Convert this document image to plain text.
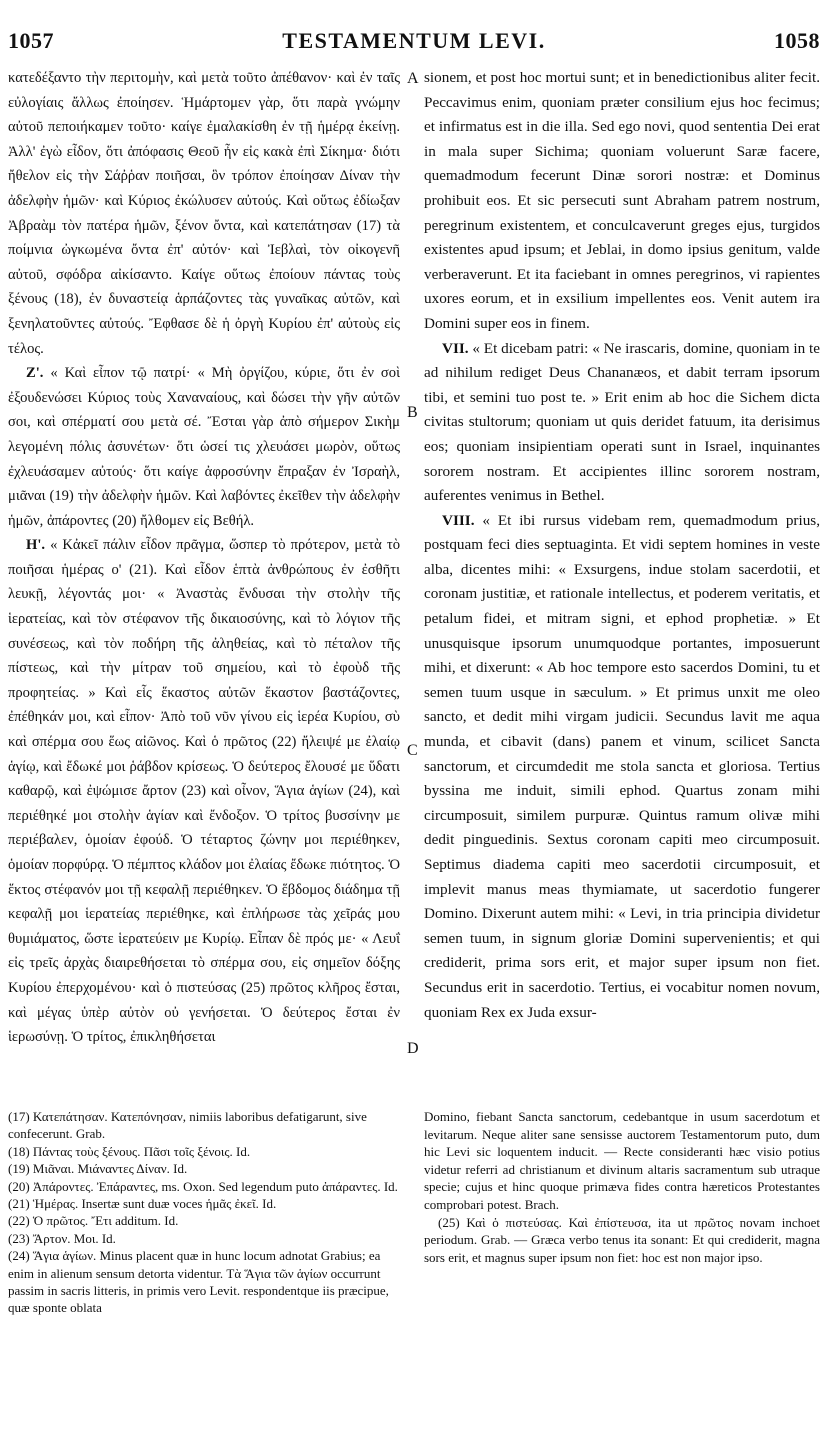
1057	TESTAMENTUM LEVI.	1058

κατεδέξαντο τὴν περιτομὴν, καὶ μετὰ τοῦτο ἀπέθανον· καὶ ἐν ταῖς εὐλογίαις ἄλλως ἐποίησεν. Ἡμάρτομεν γὰρ, ὅτι παρὰ γνώμην αὐτοῦ πεποιήκαμεν τοῦτο· καίγε ἐμαλακίσθη ἐν τῇ ἡμέρᾳ ἐκείνῃ. Ἀλλ' ἐγὼ εἶδον, ὅτι ἀπόφασις Θεοῦ ἦν εἰς κακὰ ἐπὶ Σίκημα· διότι ἤθελον εἰς τὴν Σάῤῥαν ποιῆσαι, ὃν τρόπον ἐποίησαν Δίναν τὴν ἀδελφὴν ἡμῶν· καὶ Κύριος ἐκώλυσεν αὐτούς. Καὶ οὕτως ἐδίωξαν Ἀβραὰμ τὸν πατέρα ἡμῶν, ξένον ὄντα, καὶ κατεπάτησαν (17) τὰ ποίμνια ὠγκωμένα ὄντα ἐπ' αὐτόν· καὶ Ἰεβλαὶ, τὸν οἰκογενῆ αὐτοῦ, σφόδρα αἰκίσαντο. Καίγε οὕτως ἐποίουν πάντας τοὺς ξένους (18), ἐν δυναστείᾳ ἁρπάζοντες τὰς γυναῖκας αὐτῶν, καὶ ξενηλατοῦντες αὐτούς. Ἔφθασε δὲ ἡ ὀργὴ Κυρίου ἐπ' αὐτοὺς εἰς τέλος.

Ζ'. « Καὶ εἶπον τῷ πατρί· « Μὴ ὀργίζου, κύριε, ὅτι ἐν σοὶ ἐξουδενώσει Κύριος τοὺς Χαναναίους, καὶ δώσει τὴν γῆν αὐτῶν σοι, καὶ σπέρματί σου μετὰ σέ. Ἔσται γὰρ ἀπὸ σήμερον Σικὴμ λεγομένη πόλις ἀσυνέτων· ὅτι ὡσεί τις χλευάσει μωρὸν, οὕτως ἐχλευάσαμεν αὐτούς· ὅτι καίγε ἀφροσύνην ἔπραξαν ἐν Ἰσραὴλ, μιᾶναι (19) τὴν ἀδελφὴν ἡμῶν. Καὶ λαβόντες ἐκεῖθεν τὴν ἀδελφὴν ἡμῶν, ἀπάροντες (20) ἤλθομεν εἰς Βεθήλ.

Η'. « Κἀκεῖ πάλιν εἶδον πρᾶγμα, ὥσπερ τὸ πρότερον, μετὰ τὸ ποιῆσαι ἡμέρας ο' (21). Καὶ εἶδον ἑπτὰ ἀνθρώπους ἐν ἐσθῆτι λευκῇ, λέγοντάς μοι· « Ἀναστὰς ἔνδυσαι τὴν στολὴν τῆς ἱερατείας, καὶ τὸν στέφανον τῆς δικαιοσύνης, καὶ τὸ λόγιον τῆς συνέσεως, καὶ τὸν ποδήρη τῆς ἀληθείας, καὶ τὸ πέταλον τῆς πίστεως, καὶ τὴν μίτραν τοῦ σημείου, καὶ τὸ ἐφοὺδ τῆς προφητείας. » Καὶ εἷς ἕκαστος αὐτῶν ἕκαστον βαστάζοντες, ἐπέθηκάν μοι, καὶ εἶπον· Ἀπὸ τοῦ νῦν γίνου εἰς ἱερέα Κυρίου, σὺ καὶ σπέρμα σου ἕως αἰῶνος. Καὶ ὁ πρῶτος (22) ἤλειψέ με ἐλαίῳ ἁγίῳ, καὶ ἔδωκέ μοι ῥάβδον κρίσεως. Ὁ δεύτερος ἔλουσέ με ὕδατι καθαρῷ, καὶ ἐψώμισε ἄρτον (23) καὶ οἶνον, Ἅγια ἁγίων (24), καὶ περιέθηκέ μοι στολὴν ἁγίαν καὶ ἔνδοξον. Ὁ τρίτος βυσσίνην με περιέβαλεν, ὁμοίαν ἐφούδ. Ὁ τέταρτος ζώνην μοι περιέθηκεν, ὁμοίαν πορφύρᾳ. Ὁ πέμπτος κλάδον μοι ἐλαίας ἔδωκε πιότητος. Ὁ ἕκτος στέφανόν μοι τῇ κεφαλῇ περιέθηκεν. Ὁ ἕβδομος διάδημα τῇ κεφαλῇ μοι ἱερατείας περιέθηκε, καὶ ἐπλήρωσε τὰς χεῖράς μου θυμιάματος, ὥστε ἱερατεύειν με Κυρίῳ. Εἶπαν δὲ πρός με· « Λευΐ εἰς τρεῖς ἀρχὰς διαιρεθήσεται τὸ σπέρμα σου, εἰς σημεῖον δόξης Κυρίου ἐπερχομένου· καὶ ὁ πιστεύσας (25) πρῶτος κλῆρος ἔσται, καὶ μέγας ὑπὲρ αὐτὸν οὐ γενήσεται. Ὁ δεύτερος ἔσται ἐν ἱερωσύνῃ. Ὁ τρίτος, ἐπικληθήσεται

A
B
C
D

sionem, et post hoc mortui sunt; et in benedictionibus aliter fecit. Peccavimus enim, quoniam præter consilium ejus hoc fecimus; et infirmatus est in die illa. Sed ego novi, quod sententia Dei erat in mala super Sichima; quoniam voluerunt Saræ facere, quemadmodum fecerunt Dinæ sorori nostræ: et Dominus prohibuit eos. Et sic persecuti sunt Abraham patrem nostrum, peregrinum existentem, et conculcaverunt greges ejus, turgidos existentes apud ipsum; et Jeblai, in domo ipsius genitum, valde verberaverunt. Et ita faciebant in omnes peregrinos, vi rapientes uxores eorum, et in exsilium impellentes eos. Venit autem ira Domini super eos in finem.

VII. « Et dicebam patri: « Ne irascaris, domine, quoniam in te ad nihilum rediget Deus Chananæos, et dabit terram ipsorum tibi, et semini tuo post te. » Erit enim ab hoc die Sichem dicta civitas stultorum; quoniam ut quis deridet fatuum, ita derisimus eos; quoniam insipientiam operati sunt in Israel, inquinantes sororem nostram. Et accipientes illinc sororem nostram, auferentes venimus in Bethel.

VIII. « Et ibi rursus videbam rem, quemadmodum prius, postquam feci dies septuaginta. Et vidi septem homines in veste alba, dicentes mihi: « Exsurgens, indue stolam sacerdotii, et coronam justitiæ, et rationale intellectus, et poderem veritatis, et petalum fidei, et mitram signi, et ephod prophetiæ. » Et unusquisque ipsorum unumquodque portantes, imposuerunt mihi, et dixerunt: « Ab hoc tempore esto sacerdos Domini, tu et semen tuum usque in sæculum. » Et primus unxit me oleo sancto, et dedit mihi virgam judicii. Secundus lavit me aqua munda, et cibavit (dans) panem et vinum, scilicet Sancta sanctorum, et circumdedit me stola sancta et gloriosa. Tertius byssina me induit, simili ephod. Quartus zonam mihi circumposuit, similem purpuræ. Quintus ramum olivæ mihi dedit pinguedinis. Sextus coronam capiti meo circumposuit. Septimus diadema capiti meo sacerdotii circumposuit, et implevit manus meas thymiamate, ut sacerdotio fungerer Domino. Dixerunt autem mihi: « Levi, in tria principia dividetur semen tuum, in signum gloriæ Domini supervenientis; et qui crediderit, prima sors erit, et major super ipsum non fiet. Secundus erit in sacerdotio. Tertius, ei vocabitur nomen novum, quoniam Rex ex Juda exsur-

(17) Κατεπάτησαν. Κατεπόνησαν, nimiis laboribus defatigarunt, sive confecerunt. Grab.

(18) Πάντας τοὺς ξένους. Πᾶσι τοῖς ξένοις. Id.

(19) Μιᾶναι. Μιάναντες Δίναν. Id.

(20) Ἀπάροντες. Ἐπάραντες, ms. Oxon. Sed legendum puto ἀπάραντες. Id.

(21) Ἡμέρας. Insertæ sunt duæ voces ἡμᾶς ἐκεῖ. Id.

(22) Ὁ πρῶτος. Ἔτι additum. Id.

(23) Ἄρτον. Μοι. Id.

(24) Ἅγια ἁγίων. Minus placent quæ in hunc locum adnotat Grabius; ea enim in alienum sensum detorta videntur. Τὰ Ἅγια τῶν ἁγίων occurrunt passim in sacris litteris, in primis vero Levit. respondentque iis præcipue, quæ sponte oblata

Domino, fiebant Sancta sanctorum, cedebantque in usum sacerdotum et levitarum. Neque aliter sane sensisse auctorem Testamentorum puto, dum hic Levi sic loquentem inducit. — Recte consideranti hæc visio potius videtur referri ad christianum et divinum altaris sacramentum sub utraque specie; cujus et hinc quoque primæva fides contra hæreticos Protestantes comprobari potest. Brach.

(25) Καὶ ὁ πιστεύσας. Καὶ ἐπίστευσα, ita ut πρῶτος novam inchoet periodum. Grab. — Græca verbo tenus ita sonant: Et qui crediderit, magna sors erit, et magnus super ipsum non fiet: hoc est non major ipso.
